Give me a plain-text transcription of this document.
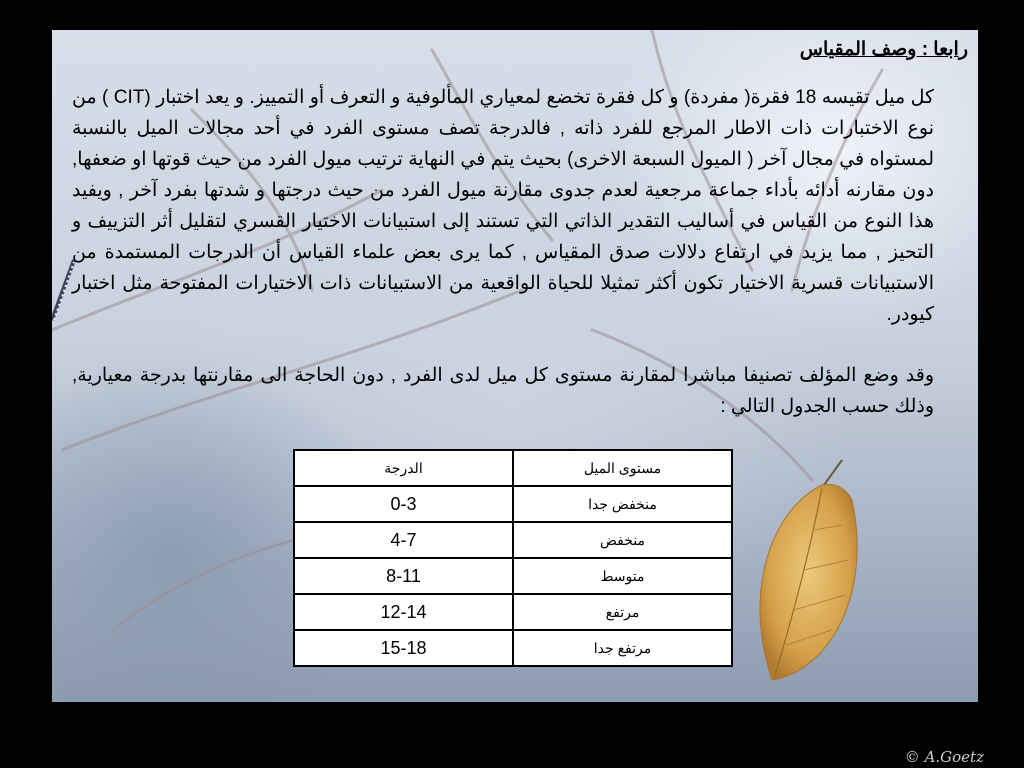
رابعا : وصف المقياس

كل ميل تقيسه 18 فقرة( مفردة) و كل فقرة تخضع لمعياري المألوفية و التعرف أو التمييز. و يعد اختبار (CIT ) من نوع الاختبارات ذات الاطار المرجع للفرد ذاته , فالدرجة تصف مستوى الفرد في أحد مجالات الميل بالنسبة لمستواه في مجال آخر ( الميول السبعة الاخرى) بحيث يتم في النهاية ترتيب ميول الفرد من حيث قوتها او ضعفها, دون مقارنه أدائه بأداء جماعة مرجعية لعدم جدوى مقارنة ميول الفرد من حيث درجتها و شدتها بفرد آخر , ويفيد هذا النوع من القياس في أساليب التقدير الذاتي التي تستند إلى استبيانات الاختيار القسري لتقليل أثر التزييف و التحيز , مما يزيد في ارتفاع دلالات صدق المقياس , كما يرى بعض علماء القياس أن الدرجات المستمدة من الاستبيانات قسرية الاختيار تكون أكثر تمثيلا للحياة الواقعية من الاستبيانات ذات الاختيارات المفتوحة مثل اختبار كيودر.

وقد وضع المؤلف تصنيفا مباشرا لمقارنة مستوى كل ميل لدى الفرد , دون الحاجة الى مقارنتها بدرجة معيارية, وذلك حسب الجدول التالي :

مستوى الميل	الدرجة
منخفض جدا	0-3
منخفض	4-7
متوسط	8-11
مرتفع	12-14
مرتفع جدا	15-18
© A.Goetz
